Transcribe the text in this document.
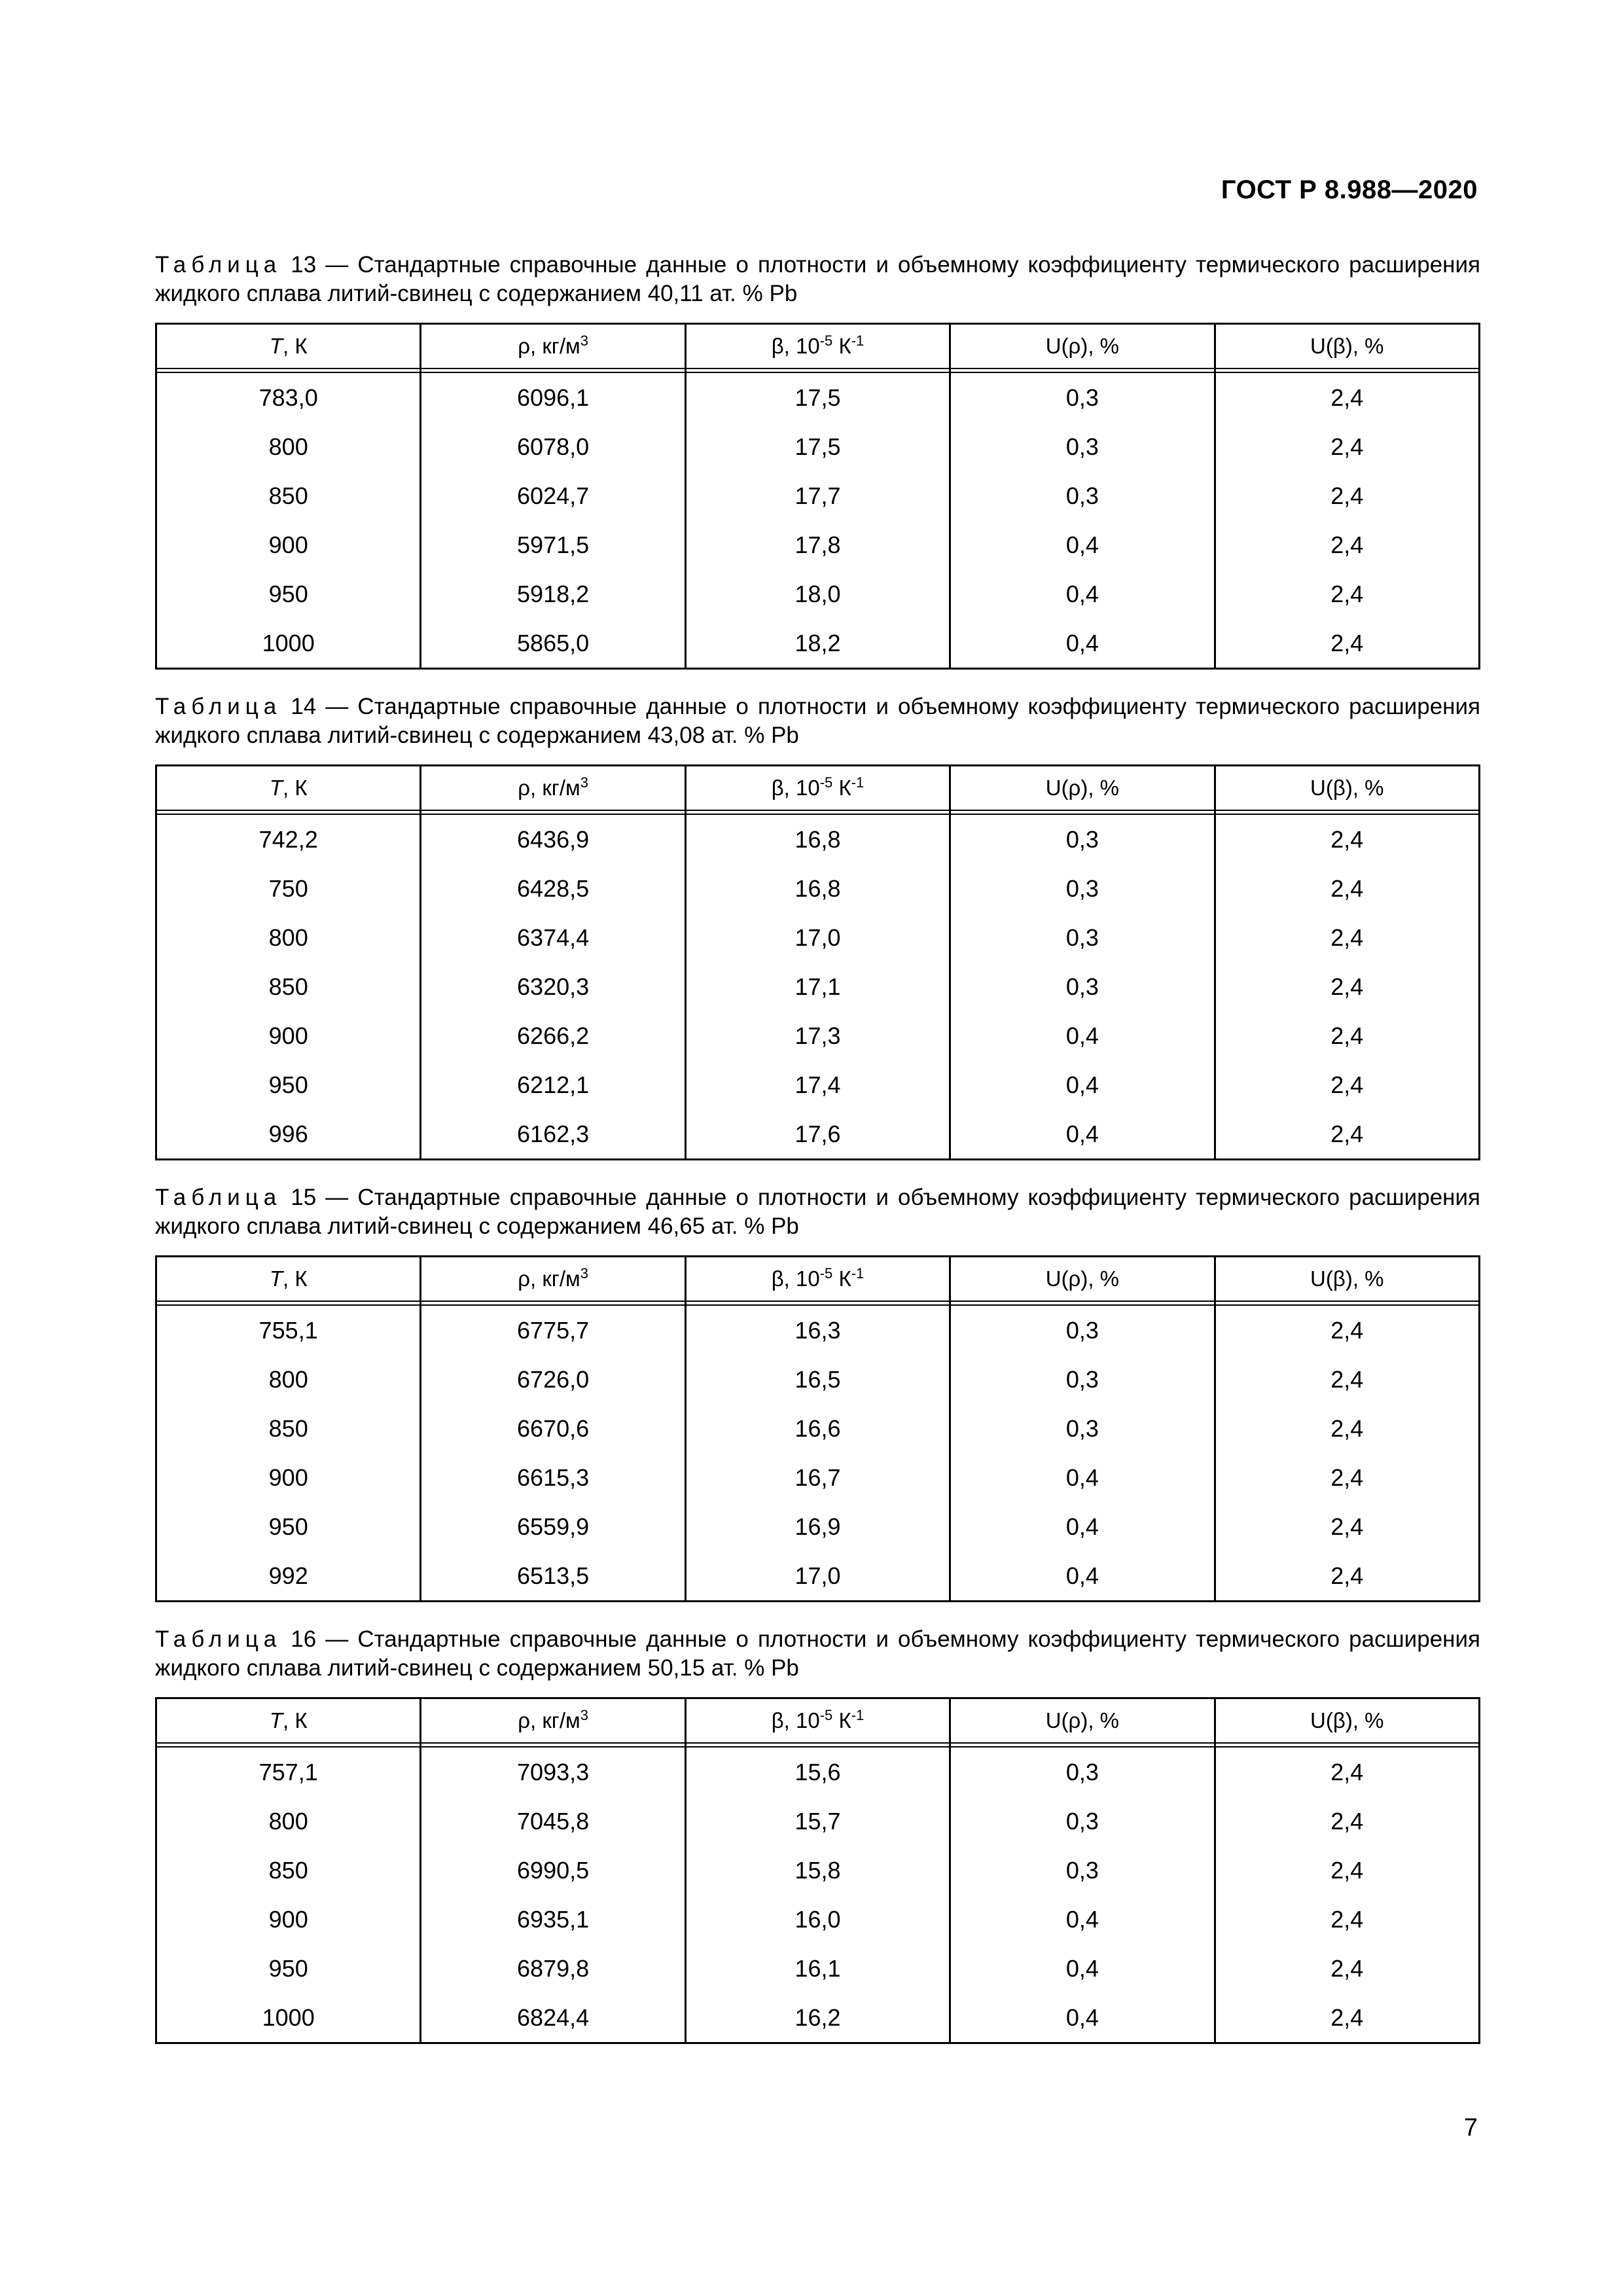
ГОСТ Р 8.988—2020

Таблица 13 — Стандартные справочные данные о плотности и объемному коэффициенту термического расширения жидкого сплава литий-свинец с содержанием 40,11 ат. % Pb

T, К	ρ, $кг/м^3$	β, $10^{-5}$ $К^{-1}$	U(ρ), %	U(β), %

783,0	6096,1	17,5	0,3	2,4
800	6078,0	17,5	0,3	2,4
850	6024,7	17,7	0,3	2,4
900	5971,5	17,8	0,4	2,4
950	5918,2	18,0	0,4	2,4
1000	5865,0	18,2	0,4	2,4

Таблица 14 — Стандартные справочные данные о плотности и объемному коэффициенту термического расширения жидкого сплава литий-свинец с содержанием 43,08 ат. % Pb

T, К	ρ, $кг/м^3$	β, $10^{-5}$ $К^{-1}$	U(ρ), %	U(β), %

742,2	6436,9	16,8	0,3	2,4
750	6428,5	16,8	0,3	2,4
800	6374,4	17,0	0,3	2,4
850	6320,3	17,1	0,3	2,4
900	6266,2	17,3	0,4	2,4
950	6212,1	17,4	0,4	2,4
996	6162,3	17,6	0,4	2,4

Таблица 15 — Стандартные справочные данные о плотности и объемному коэффициенту термического расширения жидкого сплава литий-свинец с содержанием 46,65 ат. % Pb

T, К	ρ, $кг/м^3$	β, $10^{-5}$ $К^{-1}$	U(ρ), %	U(β), %

755,1	6775,7	16,3	0,3	2,4
800	6726,0	16,5	0,3	2,4
850	6670,6	16,6	0,3	2,4
900	6615,3	16,7	0,4	2,4
950	6559,9	16,9	0,4	2,4
992	6513,5	17,0	0,4	2,4

Таблица 16 — Стандартные справочные данные о плотности и объемному коэффициенту термического расширения жидкого сплава литий-свинец с содержанием 50,15 ат. % Pb

T, К	ρ, $кг/м^3$	β, $10^{-5}$ $К^{-1}$	U(ρ), %	U(β), %

757,1	7093,3	15,6	0,3	2,4
800	7045,8	15,7	0,3	2,4
850	6990,5	15,8	0,3	2,4
900	6935,1	16,0	0,4	2,4
950	6879,8	16,1	0,4	2,4
1000	6824,4	16,2	0,4	2,4
7
